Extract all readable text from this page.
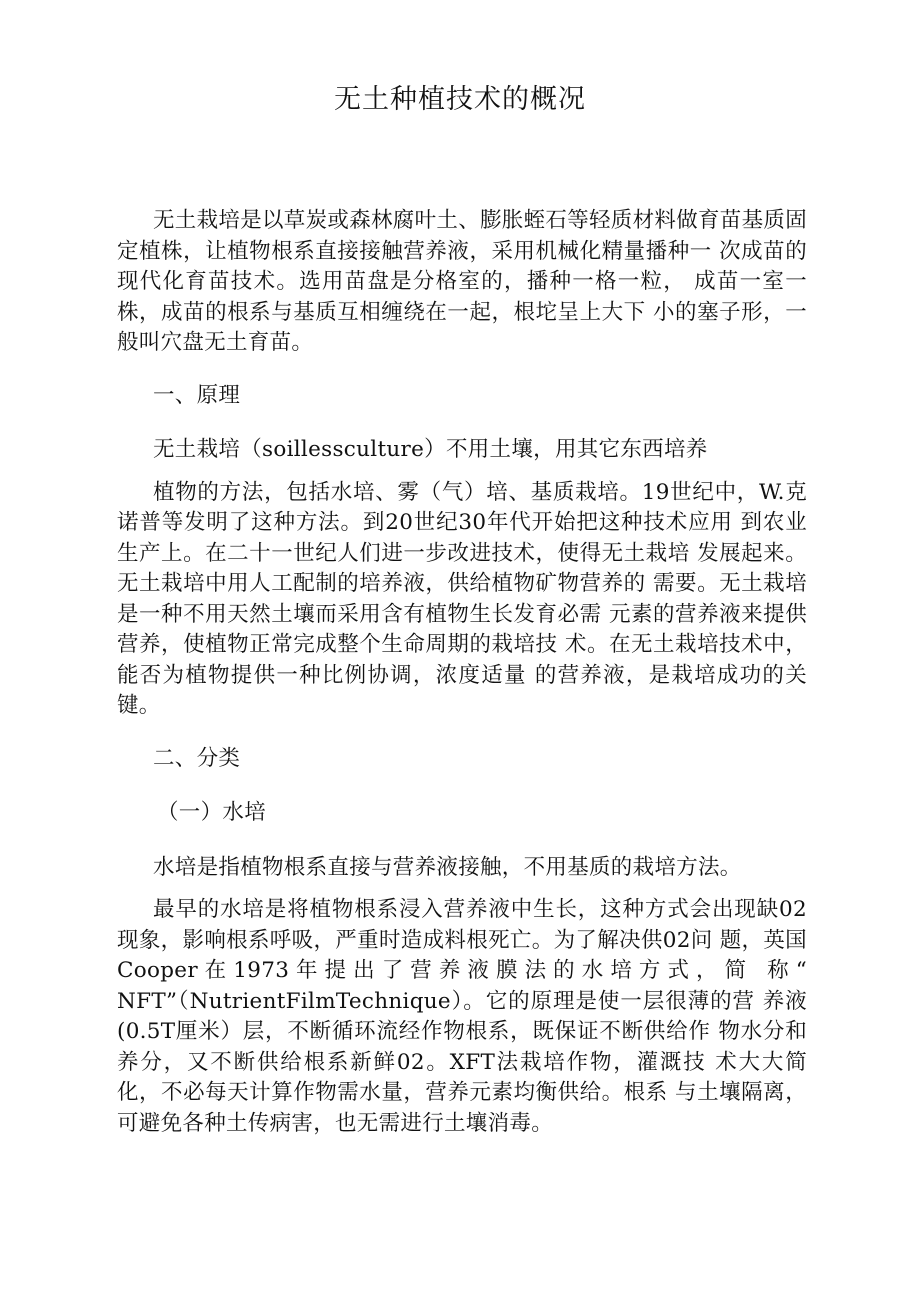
无土种植技术的概况

无土栽培是以草炭或森林腐叶土、膨胀蛭石等轻质材料做育苗基质固定植株，让植物根系直接接触营养液，采用机械化精量播种一 次成苗的现代化育苗技术。选用苗盘是分格室的，播种一格一粒， 成苗一室一株，成苗的根系与基质互相缠绕在一起，根坨呈上大下 小的塞子形，一般叫穴盘无土育苗。

一、原理

无土栽培（soillessculture）不用土壤，用其它东西培养

植物的方法，包括水培、雾（气）培、基质栽培。19世纪中，W.克诺普等发明了这种方法。到20世纪30年代开始把这种技术应用 到农业生产上。在二十一世纪人们进一步改进技术，使得无土栽培 发展起来。无土栽培中用人工配制的培养液，供给植物矿物营养的 需要。无土栽培是一种不用天然土壤而采用含有植物生长发育必需 元素的营养液来提供营养，使植物正常完成整个生命周期的栽培技 术。在无土栽培技术中，能否为植物提供一种比例协调，浓度适量 的营养液，是栽培成功的关键。

二、分类

（一）水培

水培是指植物根系直接与营养液接触，不用基质的栽培方法。

最早的水培是将植物根系浸入营养液中生长，这种方式会出现缺02现象，影响根系呼吸，严重时造成料根死亡。为了解决供02问 题，英国Cooper在1973年提出了营养液膜法的水培方式，简 称“ NFT”（NutrientFilmTechnique）。它的原理是使一层很薄的营 养液(0.5T厘米）层，不断循环流经作物根系，既保证不断供给作 物水分和养分，又不断供给根系新鲜02。XFT法栽培作物，灌溉技 术大大简化，不必每天计算作物需水量，营养元素均衡供给。根系 与土壤隔离，可避免各种土传病害，也无需进行土壤消毒。
